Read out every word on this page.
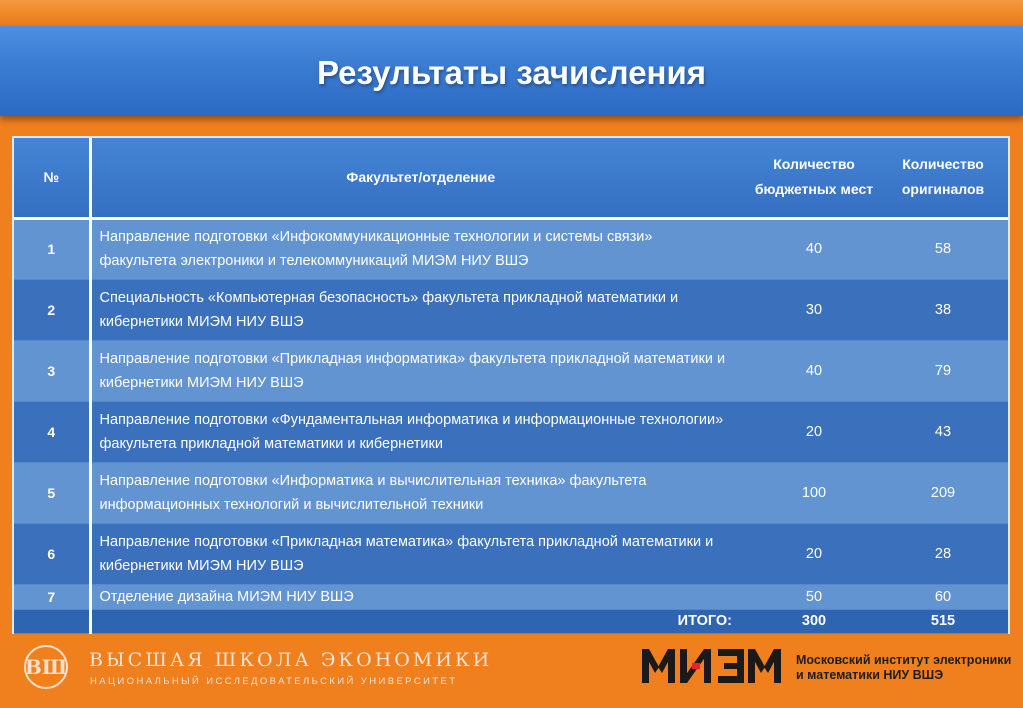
Результаты зачисления
№	Факультет/отделение	Количество бюджетных мест	Количество оригиналов
1	Направление подготовки «Инфокоммуникационные технологии и системы связи» факультета электроники и телекоммуникаций МИЭМ НИУ ВШЭ	40	58
2	Специальность «Компьютерная безопасность» факультета прикладной математики и кибернетики МИЭМ НИУ ВШЭ	30	38
3	Направление подготовки «Прикладная информатика» факультета прикладной математики и кибернетики МИЭМ НИУ ВШЭ	40	79
4	Направление подготовки «Фундаментальная информатика и информационные технологии» факультета прикладной математики и кибернетики	20	43
5	Направление подготовки «Информатика и вычислительная техника» факультета информационных технологий и вычислительной техники	100	209
6	Направление подготовки «Прикладная математика» факультета прикладной математики и кибернетики МИЭМ НИУ ВШЭ	20	28
7	Отделение дизайна МИЭМ НИУ ВШЭ	50	60
	ИТОГО:	300	515
ВШ ВЫСШАЯ ШКОЛА ЭКОНОМИКИ
НАЦИОНАЛЬНЫЙ ИССЛЕДОВАТЕЛЬСКИЙ УНИВЕРСИТЕТ
Московский институт электроники
и математики НИУ ВШЭ
